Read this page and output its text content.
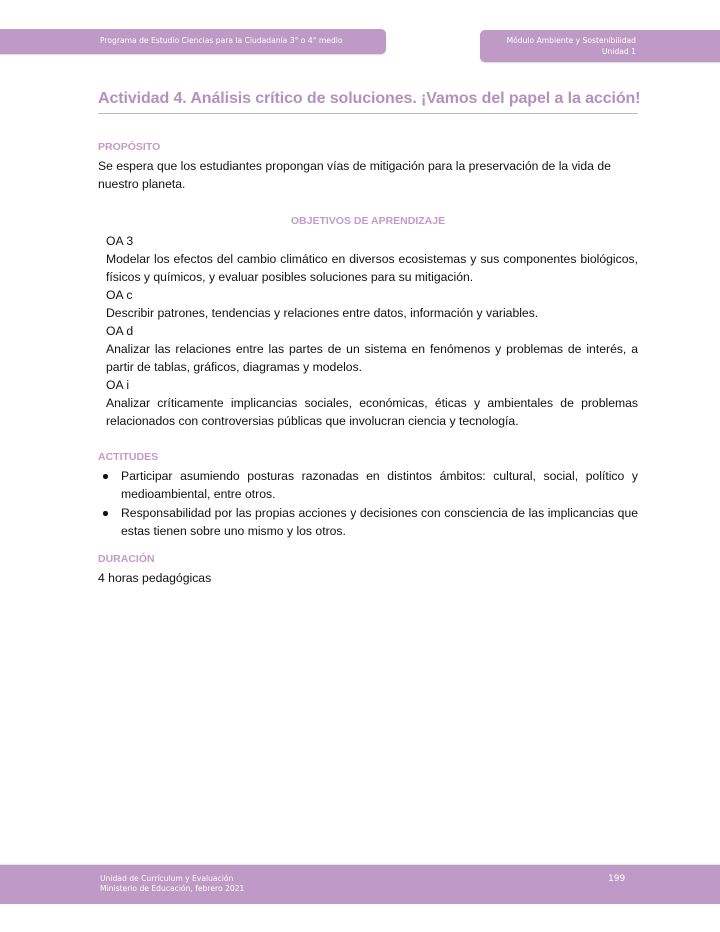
Programa de Estudio Ciencias para la Ciudadanía 3° o 4° medio	Módulo Ambiente y Sostenibilidad
Unidad 1
Actividad 4. Análisis crítico de soluciones. ¡Vamos del papel a la acción!
PROPÓSITO
Se espera que los estudiantes propongan vías de mitigación para la preservación de la vida de nuestro planeta.
OBJETIVOS DE APRENDIZAJE
OA 3
Modelar los efectos del cambio climático en diversos ecosistemas y sus componentes biológicos, físicos y químicos, y evaluar posibles soluciones para su mitigación.
OA c
Describir patrones, tendencias y relaciones entre datos, información y variables.
OA d
Analizar las relaciones entre las partes de un sistema en fenómenos y problemas de interés, a partir de tablas, gráficos, diagramas y modelos.
OA i
Analizar críticamente implicancias sociales, económicas, éticas y ambientales de problemas relacionados con controversias públicas que involucran ciencia y tecnología.
ACTITUDES
Participar asumiendo posturas razonadas en distintos ámbitos: cultural, social, político y medioambiental, entre otros.
Responsabilidad por las propias acciones y decisiones con consciencia de las implicancias que estas tienen sobre uno mismo y los otros.
DURACIÓN
4 horas pedagógicas
Unidad de Currículum y Evaluación
Ministerio de Educación, febrero 2021
199
